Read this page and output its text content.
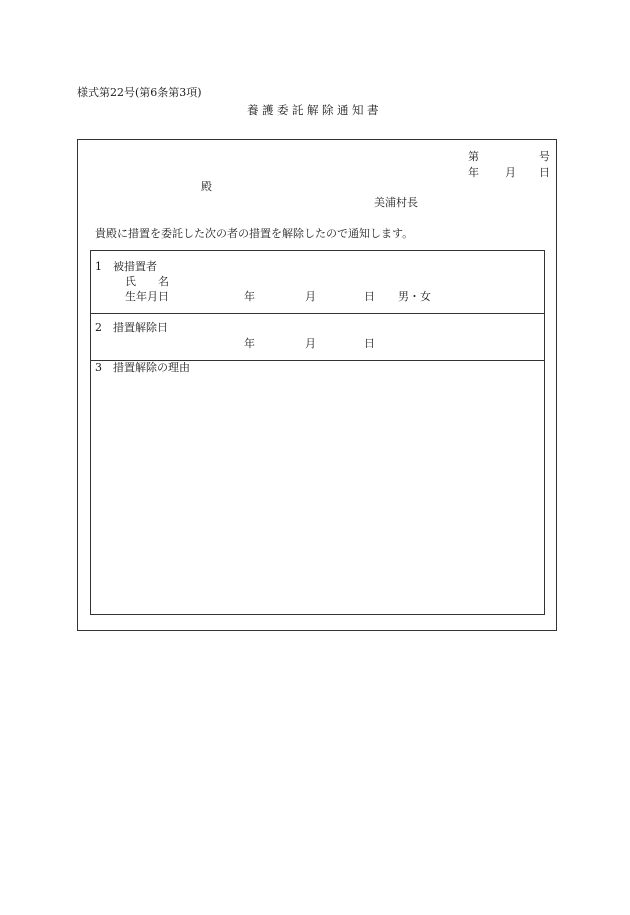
様式第22号(第6条第3項)
養護委託解除通知書
第	号
年 月 日
殿
美浦村長
貴殿に措置を委託した次の者の措置を解除したので通知します。
1　被措置者
氏　　名
生年月日	年	月	日 男・女
2　措置解除日
年	月	日
3　措置解除の理由
